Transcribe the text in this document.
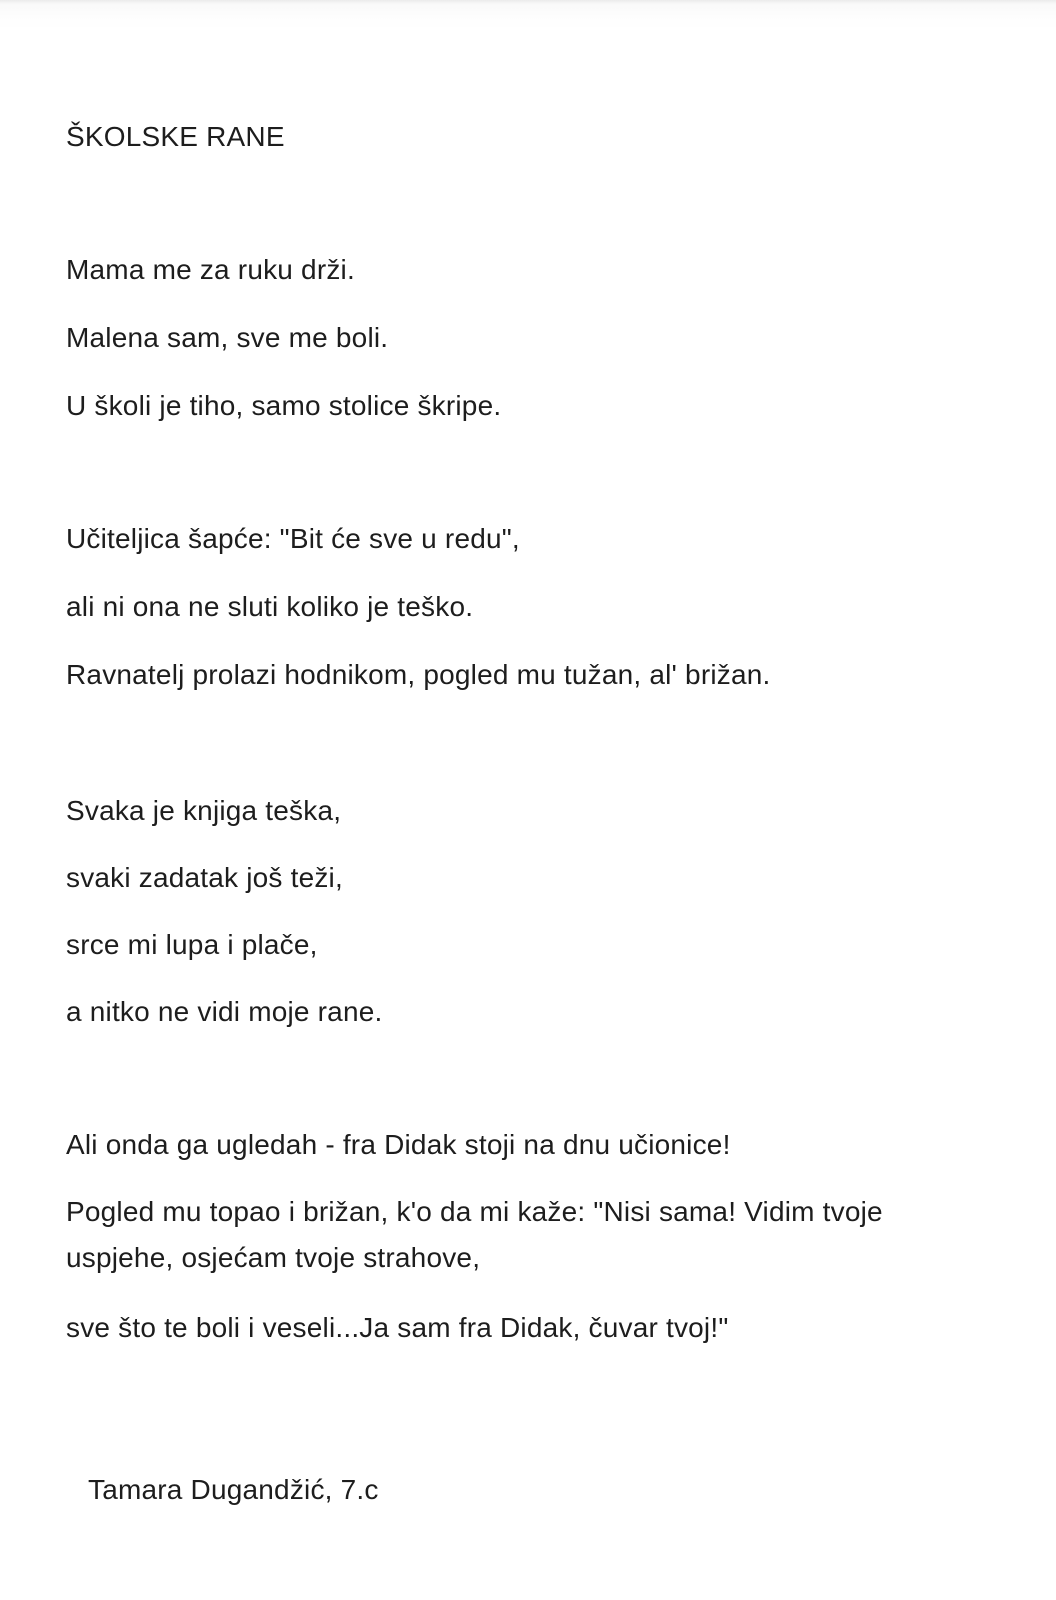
ŠKOLSKE RANE

Mama me za ruku drži.

Malena sam, sve me boli.

U školi je tiho, samo stolice škripe.

Učiteljica šapće: "Bit će sve u redu",

ali ni ona ne sluti koliko je teško.

Ravnatelj prolazi hodnikom, pogled mu tužan, al' brižan.

Svaka je knjiga teška,

svaki zadatak još teži,

srce mi lupa i plače,

a nitko ne vidi moje rane.

Ali onda ga ugledah - fra Didak stoji na dnu učionice!

Pogled mu topao i brižan, k'o da mi kaže: "Nisi sama! Vidim tvoje
uspjehe, osjećam tvoje strahove,

sve što te boli i veseli...Ja sam fra Didak, čuvar tvoj!"

Tamara Dugandžić, 7.c
